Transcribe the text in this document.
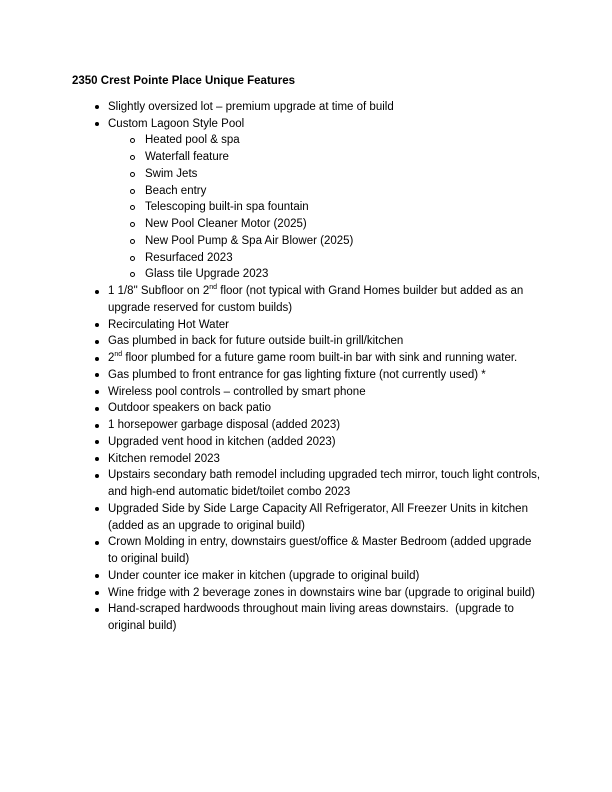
2350 Crest Pointe Place Unique Features
Slightly oversized lot – premium upgrade at time of build
Custom Lagoon Style Pool
Heated pool & spa
Waterfall feature
Swim Jets
Beach entry
Telescoping built-in spa fountain
New Pool Cleaner Motor (2025)
New Pool Pump & Spa Air Blower (2025)
Resurfaced 2023
Glass tile Upgrade 2023
1 1/8" Subfloor on 2nd floor (not typical with Grand Homes builder but added as an upgrade reserved for custom builds)
Recirculating Hot Water
Gas plumbed in back for future outside built-in grill/kitchen
2nd floor plumbed for a future game room built-in bar with sink and running water.
Gas plumbed to front entrance for gas lighting fixture (not currently used) *
Wireless pool controls – controlled by smart phone
Outdoor speakers on back patio
1 horsepower garbage disposal (added 2023)
Upgraded vent hood in kitchen (added 2023)
Kitchen remodel 2023
Upstairs secondary bath remodel including upgraded tech mirror, touch light controls, and high-end automatic bidet/toilet combo 2023
Upgraded Side by Side Large Capacity All Refrigerator, All Freezer Units in kitchen (added as an upgrade to original build)
Crown Molding in entry, downstairs guest/office & Master Bedroom (added upgrade to original build)
Under counter ice maker in kitchen (upgrade to original build)
Wine fridge with 2 beverage zones in downstairs wine bar (upgrade to original build)
Hand-scraped hardwoods throughout main living areas downstairs.  (upgrade to original build)
